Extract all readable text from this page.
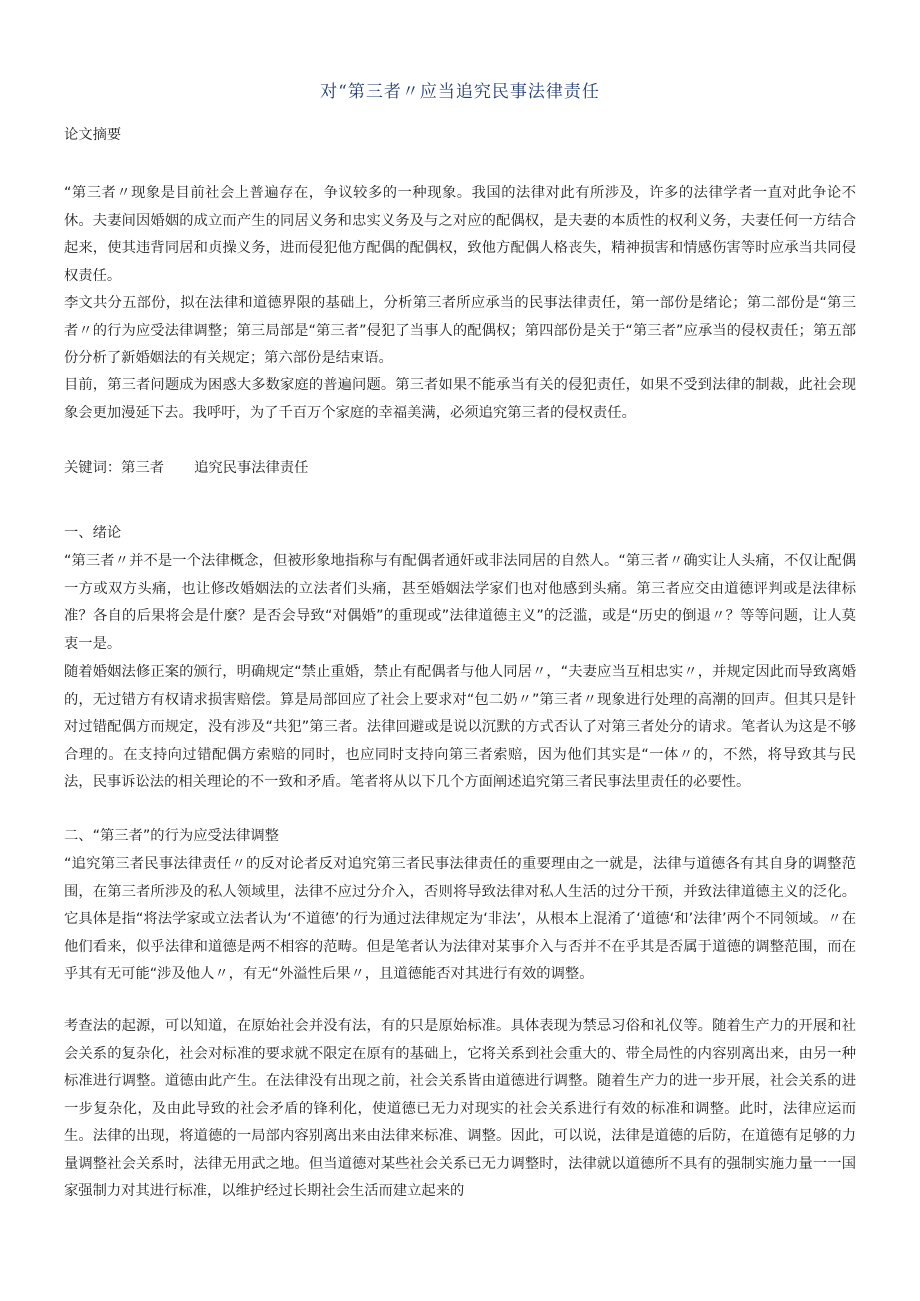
对“第三者〃应当追究民事法律责任

论文摘要

“第三者〃现象是目前社会上普遍存在，争议较多的一种现象。我国的法律对此有所涉及，许多的法律学者一直对此争论不休。夫妻间因婚姻的成立而产生的同居义务和忠实义务及与之对应的配偶权，是夫妻的本质性的权利义务，夫妻任何一方结合起来，使其违背同居和贞操义务，进而侵犯他方配偶的配偶权，致他方配偶人格丧失，精神损害和情感伤害等时应承当共同侵权责任。

李文共分五部份，拟在法律和道德界限的基础上，分析第三者所应承当的民事法律责任，第一部份是绪论；第二部份是“第三者〃的行为应受法律调整；第三局部是“第三者”侵犯了当事人的配偶权；第四部份是关于“第三者”应承当的侵权责任；第五部份分析了新婚姻法的有关规定；第六部份是结束语。

目前，第三者问题成为困惑大多数家庭的普遍问题。第三者如果不能承当有关的侵犯责任，如果不受到法律的制裁，此社会现象会更加漫延下去。我呼吁，为了千百万个家庭的幸福美满，必须追究第三者的侵权责任。

关键词：第三者 追究民事法律责任

一、绪论

“第三者〃并不是一个法律概念，但被形象地指称与有配偶者通奸或非法同居的自然人。“第三者〃确实让人头痛，不仅让配偶一方或双方头痛，也让修改婚姻法的立法者们头痛，甚至婚姻法学家们也对他感到头痛。第三者应交由道德评判或是法律标准？各自的后果将会是什麼？是否会导致“对偶婚”的重现或”法律道德主义”的泛滥，或是“历史的倒退〃？等等问题，让人莫衷一是。

随着婚姻法修正案的颁行，明确规定“禁止重婚，禁止有配偶者与他人同居〃，“夫妻应当互相忠实〃，并规定因此而导致离婚的，无过错方有权请求损害赔偿。算是局部回应了社会上要求对“包二奶〃”第三者〃现象进行处理的高潮的回声。但其只是针对过错配偶方而规定，没有涉及“共犯”第三者。法律回避或是说以沉默的方式否认了对第三者处分的请求。笔者认为这是不够合理的。在支持向过错配偶方索赔的同时，也应同时支持向第三者索赔，因为他们其实是“一体〃的，不然，将导致其与民法，民事诉讼法的相关理论的不一致和矛盾。笔者将从以下几个方面阐述追究第三者民事法里责任的必要性。

二、“第三者”的行为应受法律调整

“追究第三者民事法律责任〃的反对论者反对追究第三者民事法律责任的重要理由之一就是，法律与道德各有其自身的调整范围，在第三者所涉及的私人领域里，法律不应过分介入，否则将导致法律对私人生活的过分干预，并致法律道德主义的泛化。它具体是指“将法学家或立法者认为‘不道德’的行为通过法律规定为‘非法’，从根本上混淆了‘道德‘和’法律’两个不同领域。〃在他们看来，似乎法律和道德是两不相容的范畴。但是笔者认为法律对某事介入与否并不在乎其是否属于道德的调整范围，而在乎其有无可能“涉及他人〃，有无“外溢性后果〃，且道德能否对其进行有效的调整。

考查法的起源，可以知道，在原始社会并没有法，有的只是原始标准。具体表现为禁忌习俗和礼仪等。随着生产力的开展和社会关系的复杂化，社会对标准的要求就不限定在原有的基础上，它将关系到社会重大的、带全局性的内容别离出来，由另一种标准进行调整。道德由此产生。在法律没有出现之前，社会关系皆由道德进行调整。随着生产力的进一步开展，社会关系的进一步复杂化，及由此导致的社会矛盾的锋利化，使道德已无力对现实的社会关系进行有效的标准和调整。此时，法律应运而生。法律的出现，将道德的一局部内容别离出来由法律来标准、调整。因此，可以说，法律是道德的后防，在道德有足够的力量调整社会关系时，法律无用武之地。但当道德对某些社会关系已无力调整时，法律就以道德所不具有的强制实施力量一一国家强制力对其进行标准，以维护经过长期社会生活而建立起来的
